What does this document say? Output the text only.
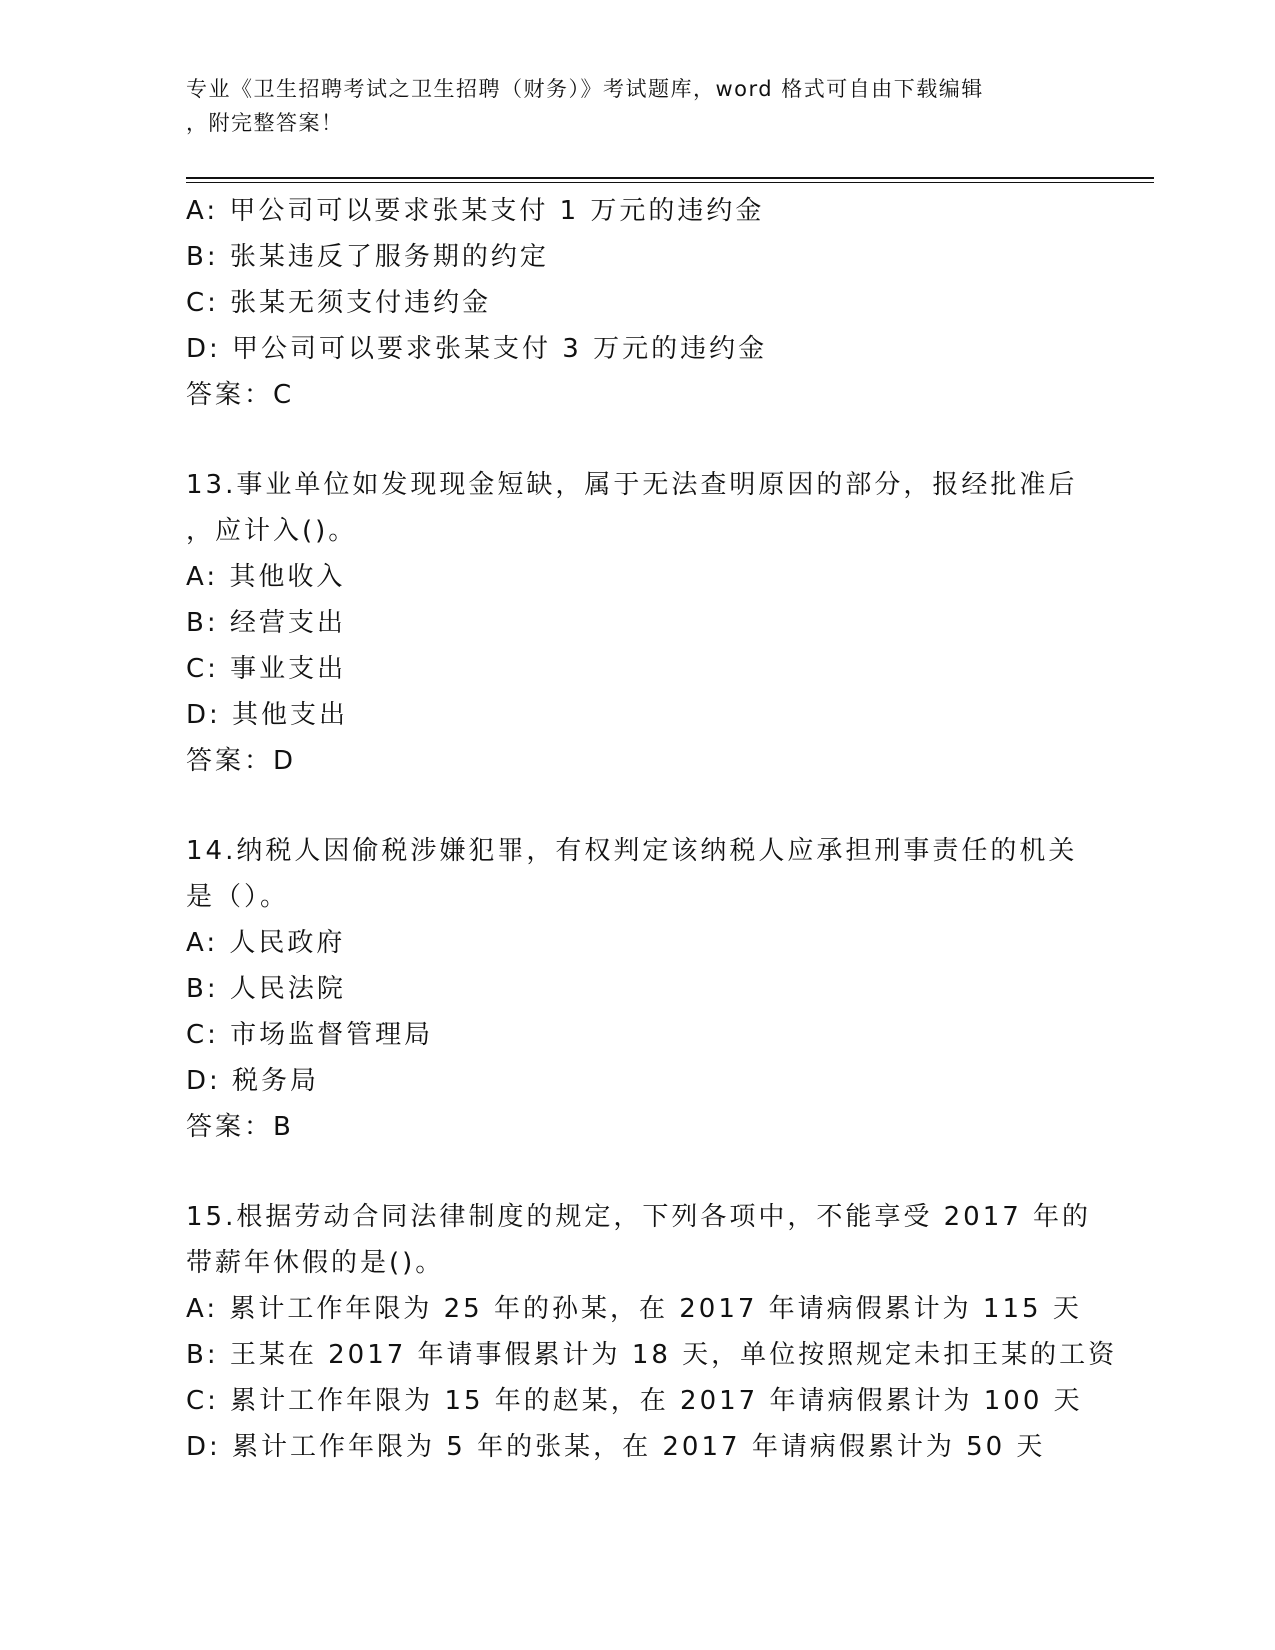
专业《卫生招聘考试之卫生招聘（财务）》考试题库，word 格式可自由下载编辑
，附完整答案！
A: 甲公司可以要求张某支付 1 万元的违约金
B: 张某违反了服务期的约定
C: 张某无须支付违约金
D: 甲公司可以要求张某支付 3 万元的违约金
答案：C
13.事业单位如发现现金短缺，属于无法查明原因的部分，报经批准后
，应计入()。
A: 其他收入
B: 经营支出
C: 事业支出
D: 其他支出
答案：D
14.纳税人因偷税涉嫌犯罪，有权判定该纳税人应承担刑事责任的机关
是（）。
A: 人民政府
B: 人民法院
C: 市场监督管理局
D: 税务局
答案：B
15.根据劳动合同法律制度的规定，下列各项中，不能享受 2017 年的
带薪年休假的是()。
A: 累计工作年限为 25 年的孙某，在 2017 年请病假累计为 115 天
B: 王某在 2017 年请事假累计为 18 天，单位按照规定未扣王某的工资
C: 累计工作年限为 15 年的赵某，在 2017 年请病假累计为 100 天
D: 累计工作年限为 5 年的张某，在 2017 年请病假累计为 50 天
